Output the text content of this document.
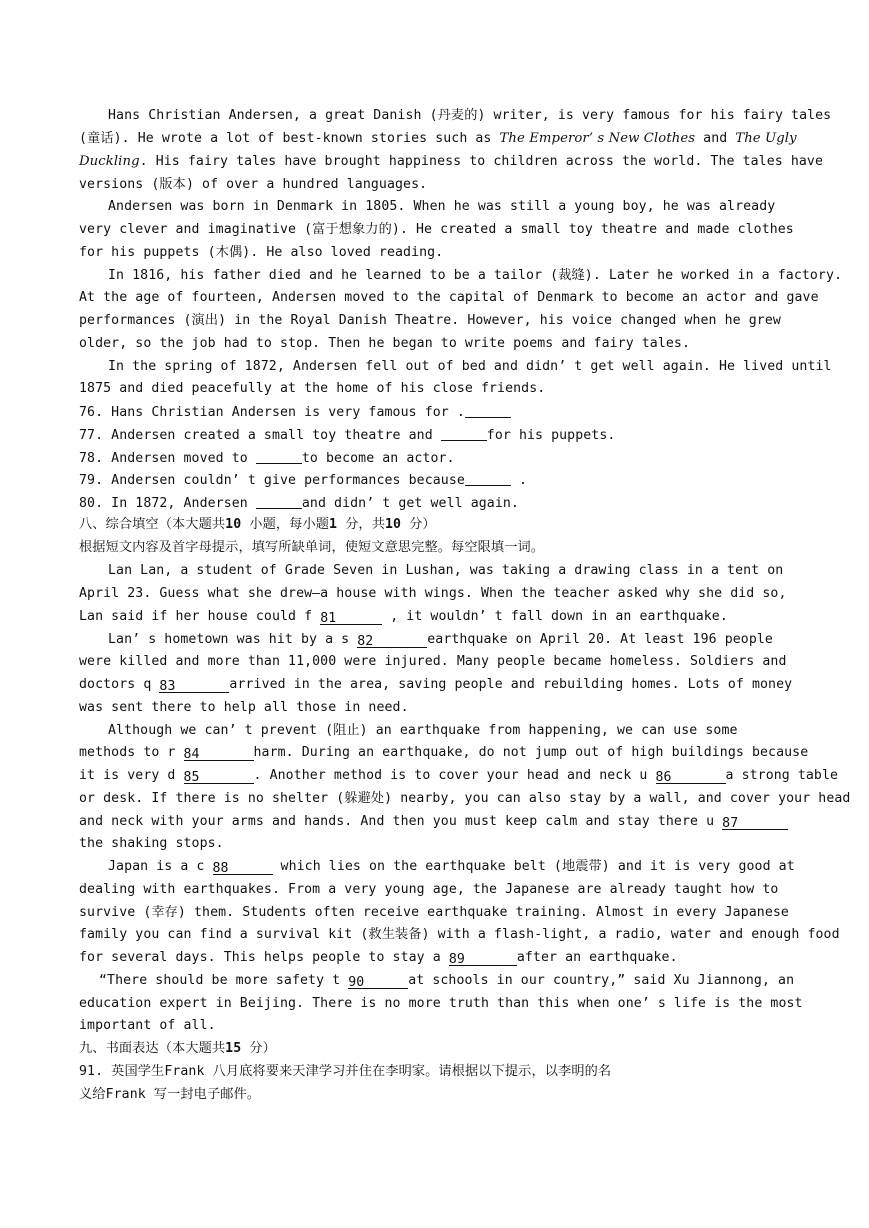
Hans Christian Andersen, a great Danish (丹麦的) writer, is very famous for his fairy tales
(童话). He wrote a lot of best-known stories such as The Emperor’ s New Clothes and The Ugly
Duckling. His fairy tales have brought happiness to children across the world. The tales have
versions (版本) of over a hundred languages.
Andersen was born in Denmark in 1805. When he was still a young boy, he was already
very clever and imaginative (富于想象力的). He created a small toy theatre and made clothes
for his puppets (木偶). He also loved reading.
In 1816, his father died and he learned to be a tailor (裁缝). Later he worked in a factory.
At the age of fourteen, Andersen moved to the capital of Denmark to become an actor and gave
performances (演出) in the Royal Danish Theatre. However, his voice changed when he grew
older, so the job had to stop. Then he began to write poems and fairy tales.
In the spring of 1872, Andersen fell out of bed and didn’ t get well again. He lived until
1875 and died peacefully at the home of his close friends.
76. Hans Christian Andersen is very famous for .
77. Andersen created a small toy theatre and	for his puppets.
78. Andersen moved to	to become an actor.
79. Andersen couldn’ t give performances because	.
80. In 1872, Andersen	and didn’ t get well again.
八、综合填空（本大题共10 小题，每小题1 分，共10 分）
根据短文内容及首字母提示，填写所缺单词，使短文意思完整。每空限填一词。
Lan Lan, a student of Grade Seven in Lushan, was taking a drawing class in a tent on
April 23. Guess what she drew—a house with wings. When the teacher asked why she did so,
Lan said if her house could f 81	, it wouldn’ t fall down in an earthquake.
Lan’ s hometown was hit by a s 82	earthquake on April 20. At least 196 people
were killed and more than 11,000 were injured. Many people became homeless. Soldiers and
doctors q 83	arrived in the area, saving people and rebuilding homes. Lots of money
was sent there to help all those in need.
Although we can’ t prevent (阻止) an earthquake from happening, we can use some
methods to r 84	harm. During an earthquake, do not jump out of high buildings because
it is very d 85	. Another method is to cover your head and neck u 86	a strong table
or desk. If there is no shelter (躲避处) nearby, you can also stay by a wall, and cover your head
and neck with your arms and hands. And then you must keep calm and stay there u 87
the shaking stops.
Japan is a c 88	which lies on the earthquake belt (地震带) and it is very good at
dealing with earthquakes. From a very young age, the Japanese are already taught how to
survive (幸存) them. Students often receive earthquake training. Almost in every Japanese
family you can find a survival kit (救生装备) with a flash-light, a radio, water and enough food
for several days. This helps people to stay a 89	after an earthquake.
“There should be more safety t 90	at schools in our country,” said Xu Jiannong, an
education expert in Beijing. There is no more truth than this when one’ s life is the most
important of all.
九、书面表达（本大题共15 分）
91. 英国学生Frank 八月底将要来天津学习并住在李明家。请根据以下提示，以李明的名
义给Frank 写一封电子邮件。
